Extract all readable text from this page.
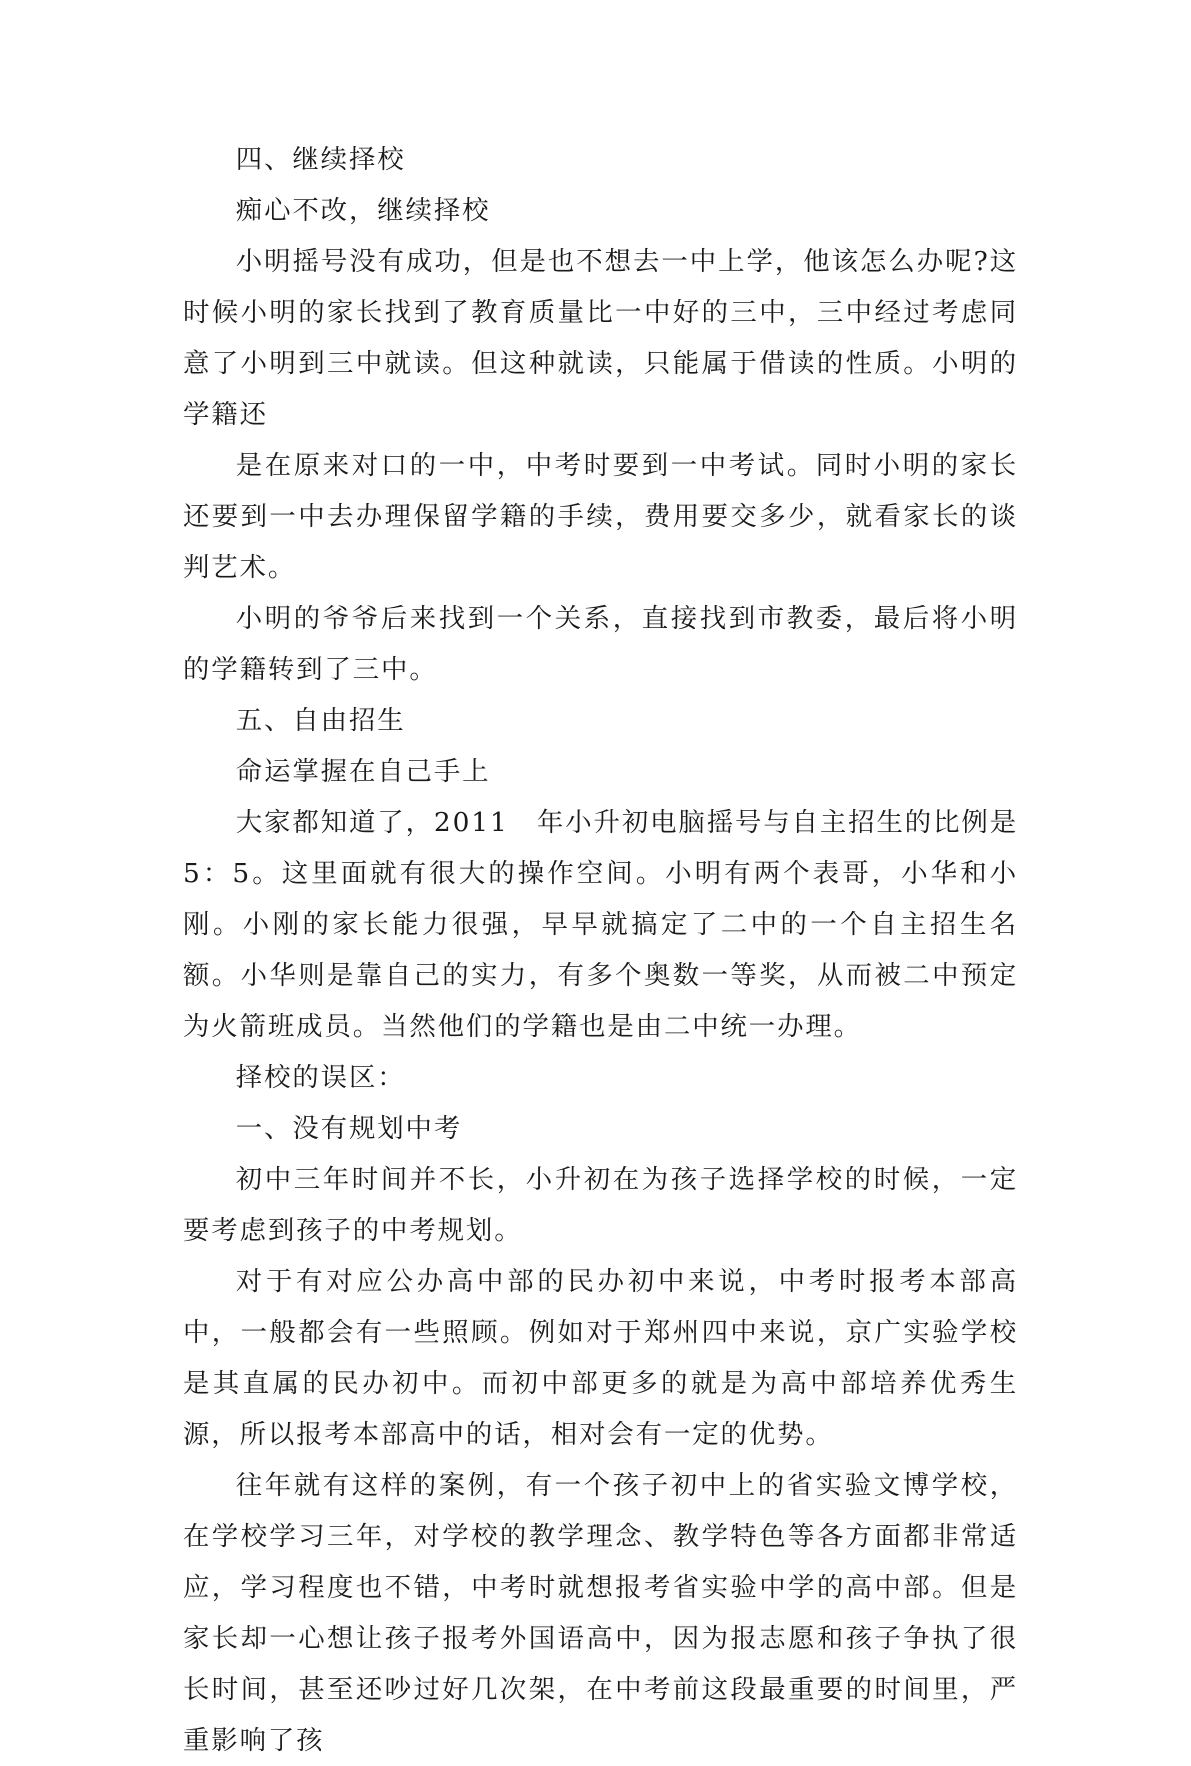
四、继续择校

痴心不改，继续择校

小明摇号没有成功，但是也不想去一中上学，他该怎么办呢?这时候小明的家长找到了教育质量比一中好的三中，三中经过考虑同意了小明到三中就读。但这种就读，只能属于借读的性质。小明的学籍还

是在原来对口的一中，中考时要到一中考试。同时小明的家长还要到一中去办理保留学籍的手续，费用要交多少，就看家长的谈判艺术。

小明的爷爷后来找到一个关系，直接找到市教委，最后将小明的学籍转到了三中。

五、自由招生

命运掌握在自己手上

大家都知道了，2011　年小升初电脑摇号与自主招生的比例是 5：5。这里面就有很大的操作空间。小明有两个表哥，小华和小刚。小刚的家长能力很强，早早就搞定了二中的一个自主招生名额。小华则是靠自己的实力，有多个奥数一等奖，从而被二中预定为火箭班成员。当然他们的学籍也是由二中统一办理。

择校的误区：

一、没有规划中考

初中三年时间并不长，小升初在为孩子选择学校的时候，一定要考虑到孩子的中考规划。

对于有对应公办高中部的民办初中来说，中考时报考本部高中，一般都会有一些照顾。例如对于郑州四中来说，京广实验学校是其直属的民办初中。而初中部更多的就是为高中部培养优秀生源，所以报考本部高中的话，相对会有一定的优势。

往年就有这样的案例，有一个孩子初中上的省实验文博学校，在学校学习三年，对学校的教学理念、教学特色等各方面都非常适应，学习程度也不错，中考时就想报考省实验中学的高中部。但是家长却一心想让孩子报考外国语高中，因为报志愿和孩子争执了很长时间，甚至还吵过好几次架，在中考前这段最重要的时间里，严重影响了孩
